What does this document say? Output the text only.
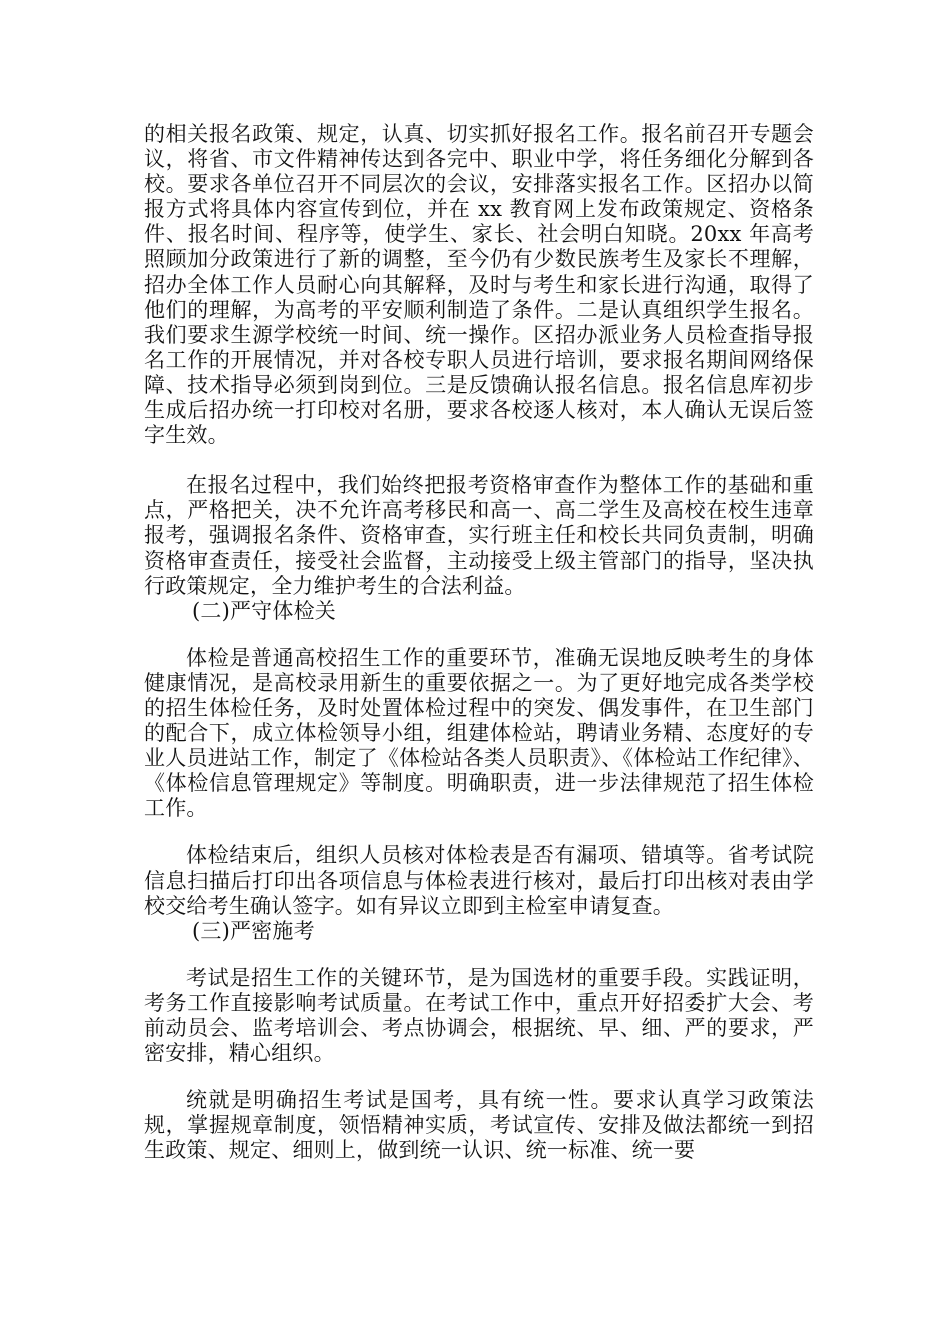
的相关报名政策、规定，认真、切实抓好报名工作。报名前召开专题会议，将省、市文件精神传达到各完中、职业中学，将任务细化分解到各校。要求各单位召开不同层次的会议，安排落实报名工作。区招办以简报方式将具体内容宣传到位，并在 xx 教育网上发布政策规定、资格条件、报名时间、程序等，使学生、家长、社会明白知晓。20xx 年高考照顾加分政策进行了新的调整，至今仍有少数民族考生及家长不理解，招办全体工作人员耐心向其解释，及时与考生和家长进行沟通，取得了他们的理解，为高考的平安顺利制造了条件。二是认真组织学生报名。我们要求生源学校统一时间、统一操作。区招办派业务人员检查指导报名工作的开展情况，并对各校专职人员进行培训，要求报名期间网络保障、技术指导必须到岗到位。三是反馈确认报名信息。报名信息库初步生成后招办统一打印校对名册，要求各校逐人核对，本人确认无误后签字生效。

在报名过程中，我们始终把报考资格审查作为整体工作的基础和重点，严格把关，决不允许高考移民和高一、高二学生及高校在校生违章报考，强调报名条件、资格审查，实行班主任和校长共同负责制，明确资格审查责任，接受社会监督，主动接受上级主管部门的指导，坚决执行政策规定，全力维护考生的合法利益。

(二)严守体检关

体检是普通高校招生工作的重要环节，准确无误地反映考生的身体健康情况，是高校录用新生的重要依据之一。为了更好地完成各类学校的招生体检任务，及时处置体检过程中的突发、偶发事件，在卫生部门的配合下，成立体检领导小组，组建体检站，聘请业务精、态度好的专业人员进站工作，制定了《体检站各类人员职责》、《体检站工作纪律》、《体检信息管理规定》等制度。明确职责，进一步法律规范了招生体检工作。

体检结束后，组织人员核对体检表是否有漏项、错填等。省考试院信息扫描后打印出各项信息与体检表进行核对，最后打印出核对表由学校交给考生确认签字。如有异议立即到主检室申请复查。

(三)严密施考

考试是招生工作的关键环节，是为国选材的重要手段。实践证明，考务工作直接影响考试质量。在考试工作中，重点开好招委扩大会、考前动员会、监考培训会、考点协调会，根据统、早、细、严的要求，严密安排，精心组织。

统就是明确招生考试是国考，具有统一性。要求认真学习政策法规，掌握规章制度，领悟精神实质，考试宣传、安排及做法都统一到招生政策、规定、细则上，做到统一认识、统一标准、统一要
